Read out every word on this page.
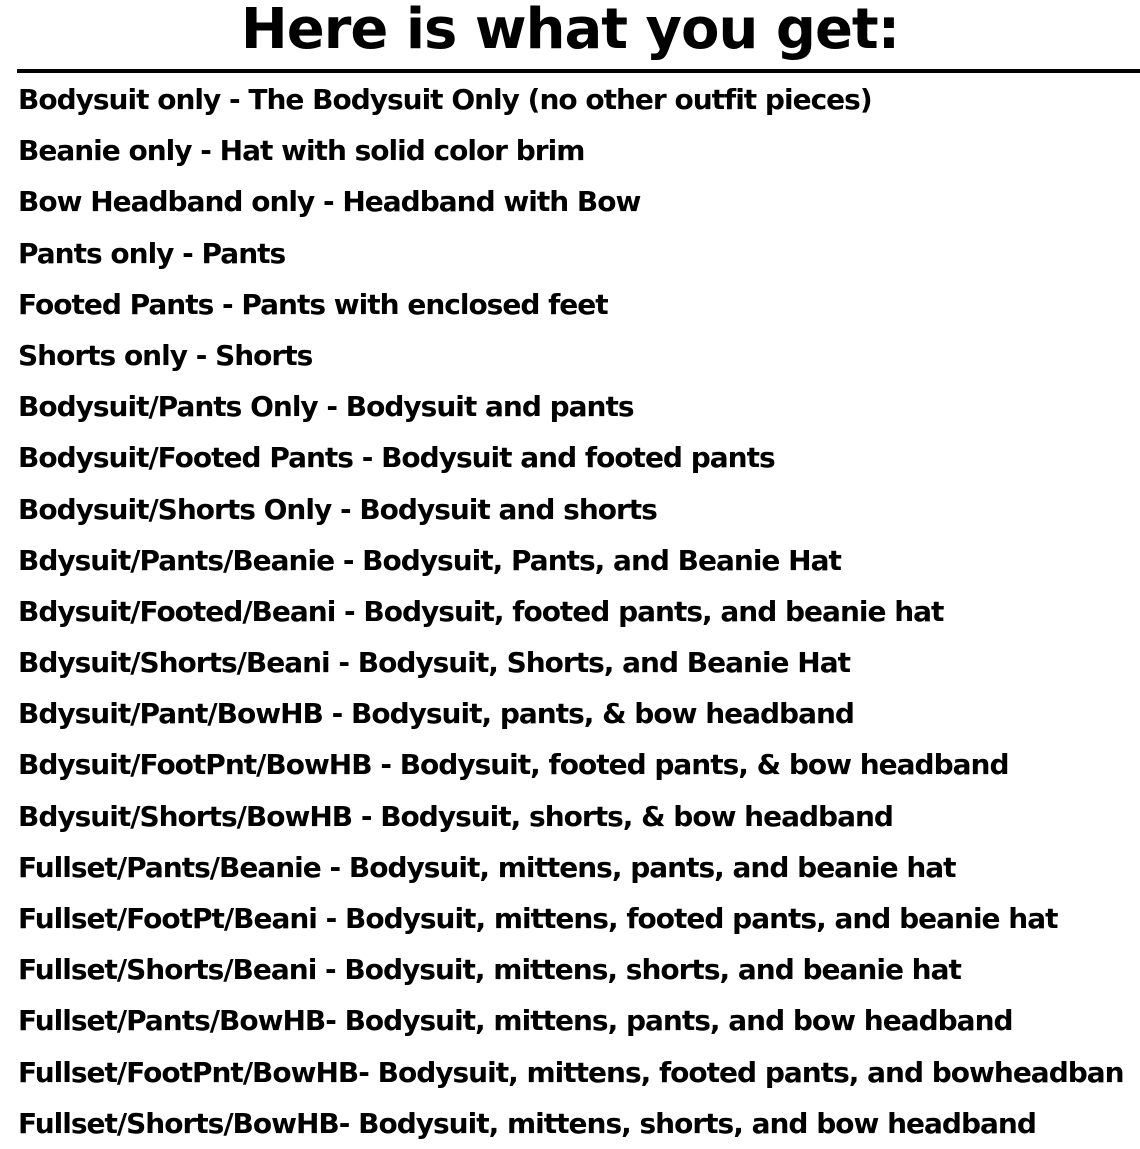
Here is what you get:
Bodysuit only - The Bodysuit Only (no other outfit pieces)
Beanie only - Hat with solid color brim
Bow Headband only - Headband with Bow
Pants only - Pants
Footed Pants - Pants with enclosed feet
Shorts only - Shorts
Bodysuit/Pants Only - Bodysuit and pants
Bodysuit/Footed Pants - Bodysuit and footed pants
Bodysuit/Shorts Only - Bodysuit and shorts
Bdysuit/Pants/Beanie - Bodysuit, Pants, and Beanie Hat
Bdysuit/Footed/Beani - Bodysuit, footed pants, and beanie hat
Bdysuit/Shorts/Beani - Bodysuit, Shorts, and Beanie Hat
Bdysuit/Pant/BowHB - Bodysuit, pants, & bow headband
Bdysuit/FootPnt/BowHB - Bodysuit, footed pants, & bow headband
Bdysuit/Shorts/BowHB - Bodysuit, shorts, & bow headband
Fullset/Pants/Beanie - Bodysuit, mittens, pants, and beanie hat
Fullset/FootPt/Beani - Bodysuit, mittens, footed pants, and beanie hat
Fullset/Shorts/Beani - Bodysuit, mittens, shorts, and beanie hat
Fullset/Pants/BowHB- Bodysuit, mittens, pants, and bow headband
Fullset/FootPnt/BowHB- Bodysuit, mittens, footed pants, and bowheadban
Fullset/Shorts/BowHB- Bodysuit, mittens, shorts, and bow headband
